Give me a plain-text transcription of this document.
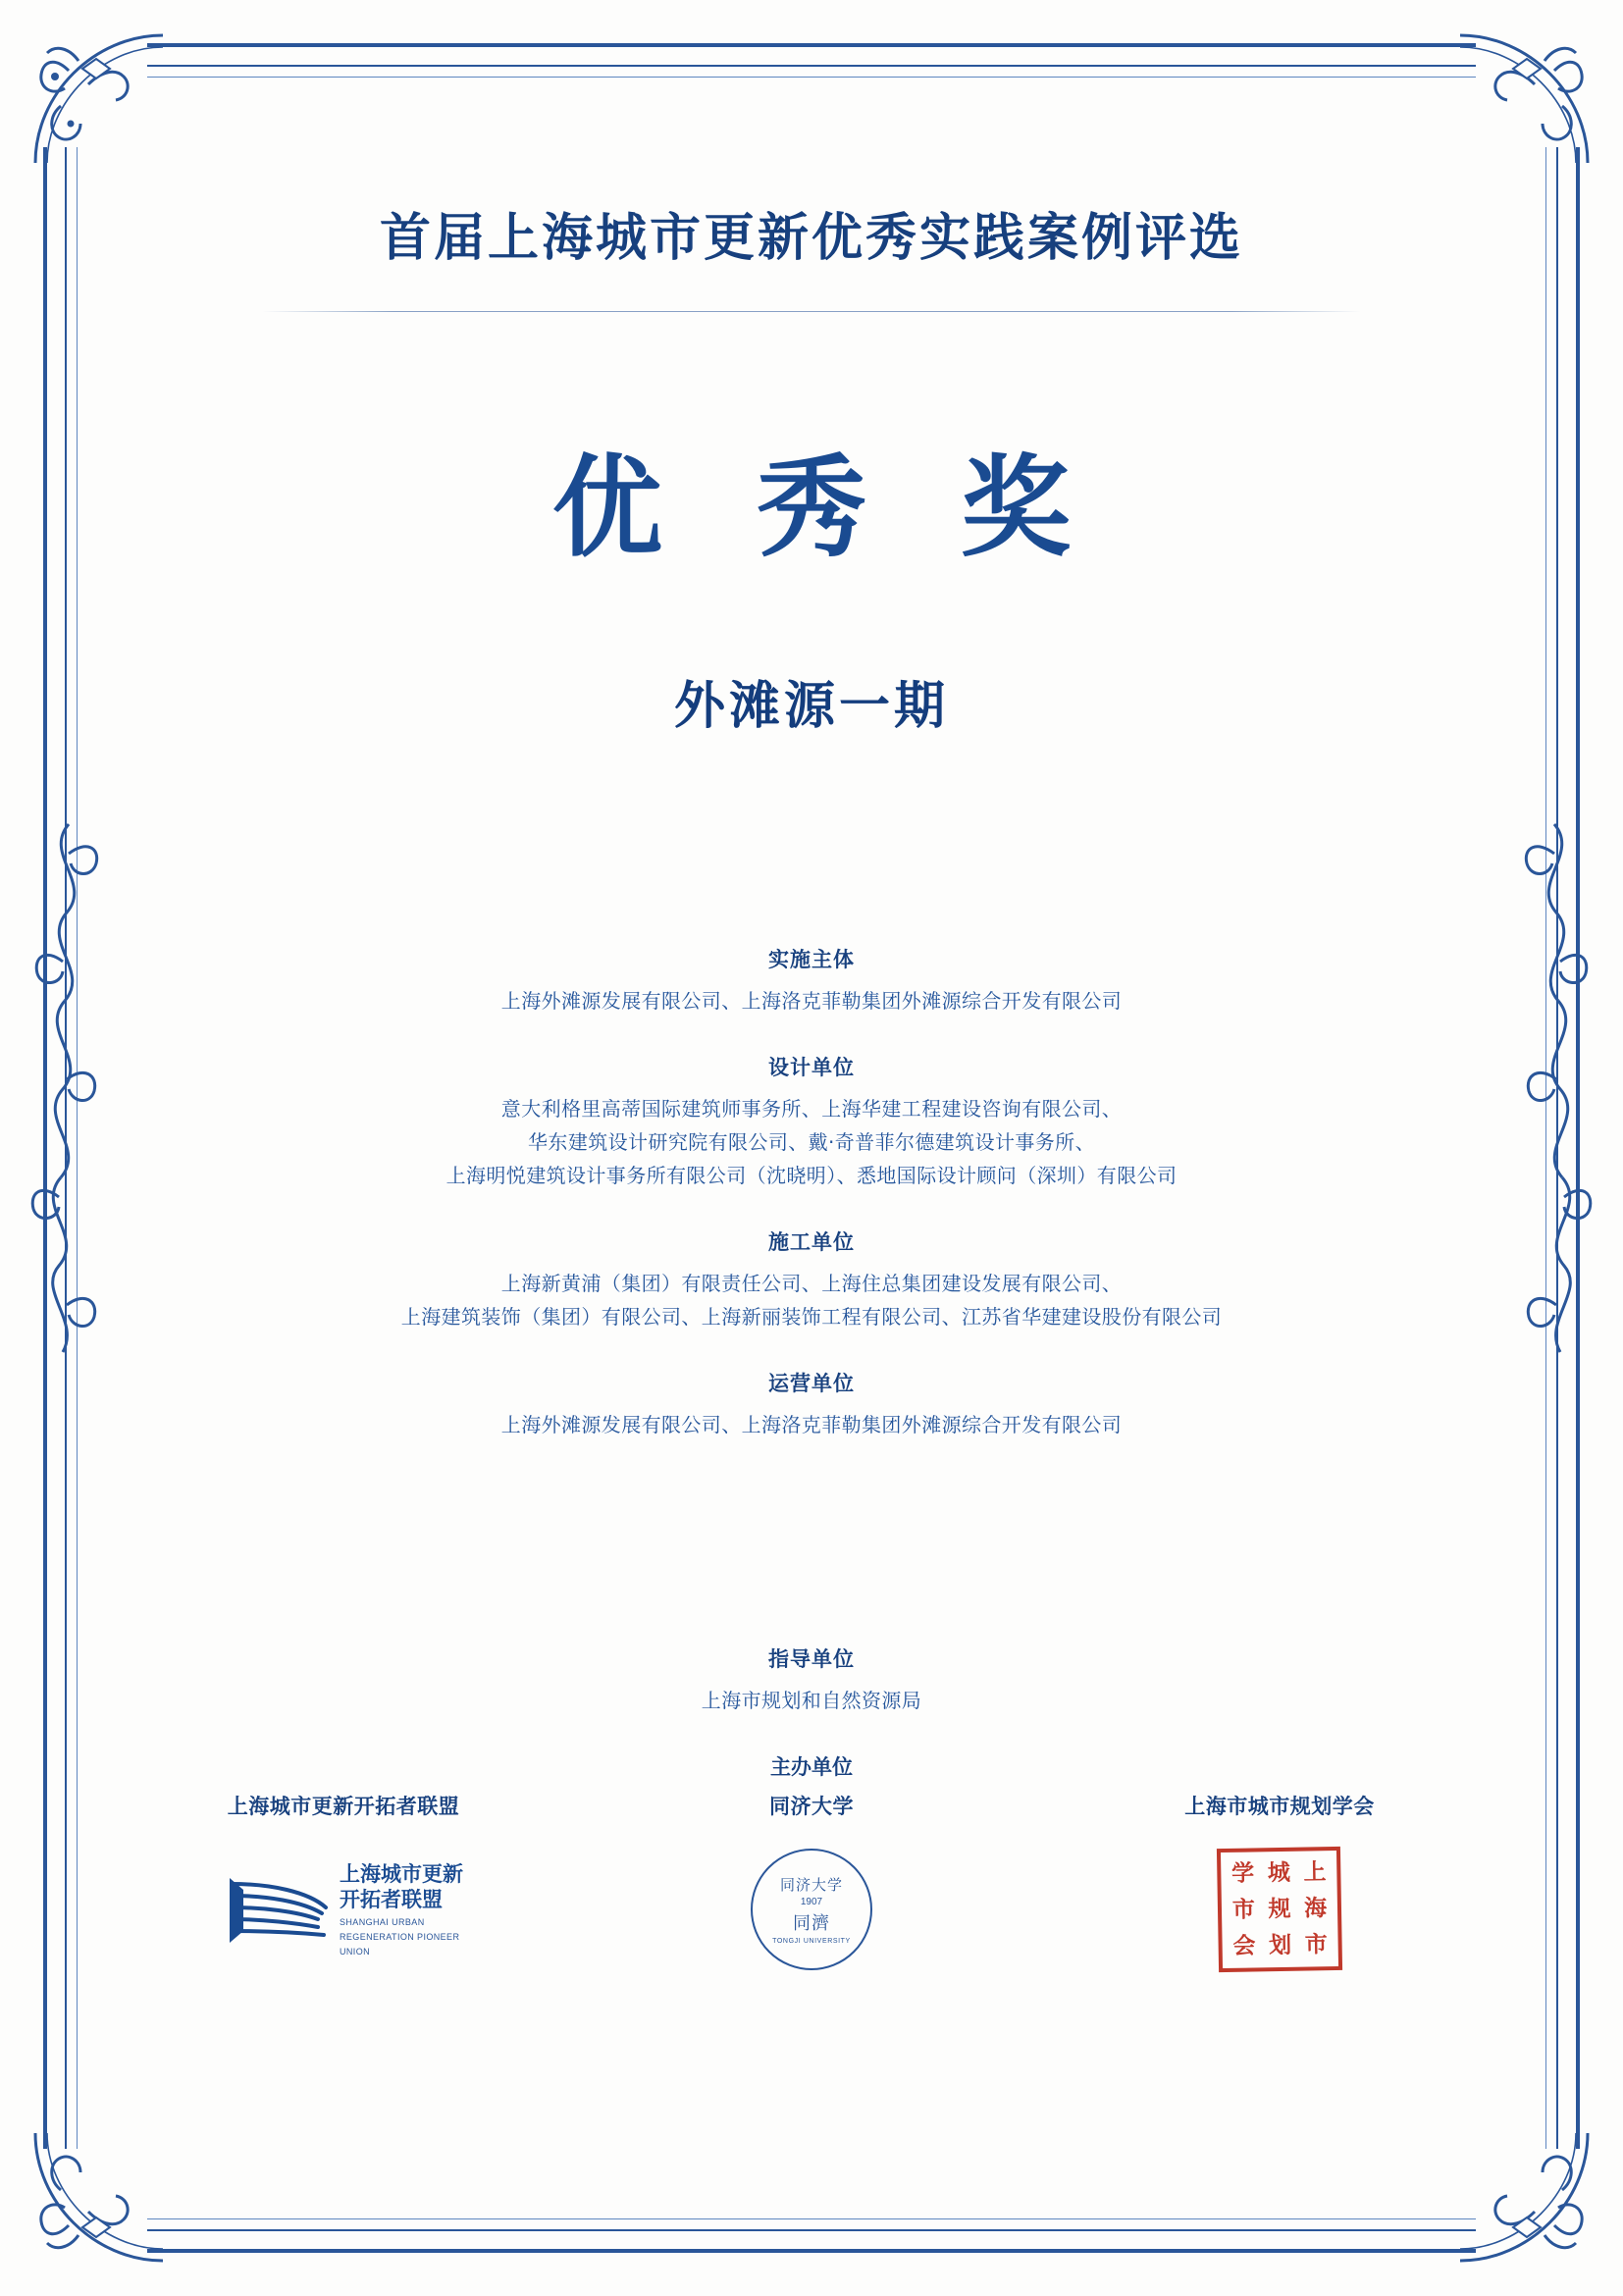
首届上海城市更新优秀实践案例评选
优 秀 奖
外滩源一期
实施主体
上海外滩源发展有限公司、上海洛克菲勒集团外滩源综合开发有限公司
设计单位
意大利格里高蒂国际建筑师事务所、上海华建工程建设咨询有限公司、
华东建筑设计研究院有限公司、戴‧奇普菲尔德建筑设计事务所、
上海明悦建筑设计事务所有限公司（沈晓明）、悉地国际设计顾问（深圳）有限公司
施工单位
上海新黄浦（集团）有限责任公司、上海住总集团建设发展有限公司、
上海建筑装饰（集团）有限公司、上海新丽装饰工程有限公司、江苏省华建建设股份有限公司
运营单位
上海外滩源发展有限公司、上海洛克菲勒集团外滩源综合开发有限公司
指导单位
上海市规划和自然资源局
主办单位
上海城市更新开拓者联盟
上海城市更新
开拓者联盟
SHANGHAI URBAN
REGENERATION PIONEER
UNION
同济大学
同济大学
1907
同濟
TONGJI UNIVERSITY
上海市城市规划学会
学 城 上
市 规 海
会 划 市
